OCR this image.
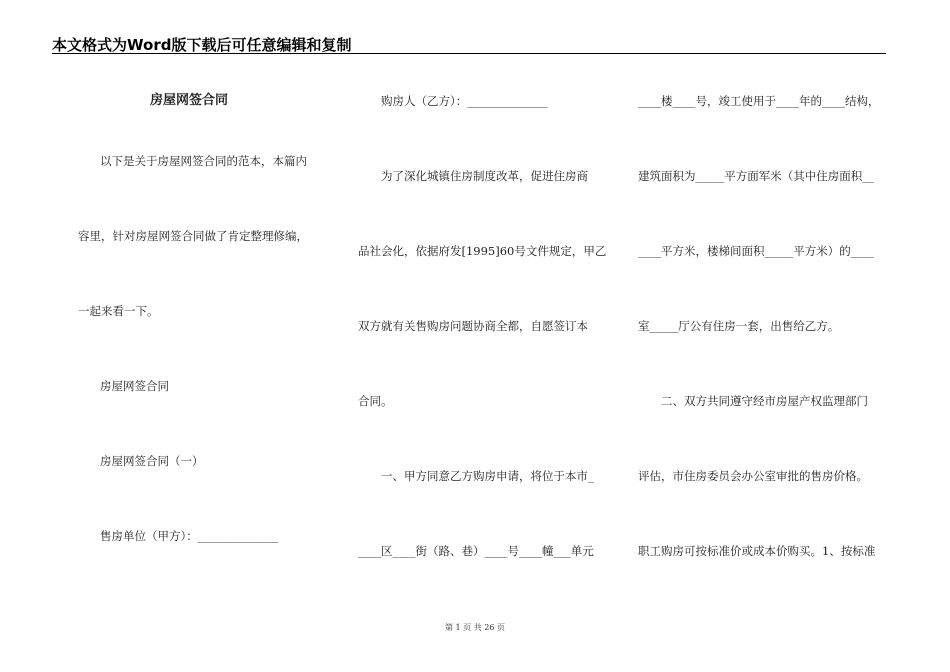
本文格式为Word版下载后可任意编辑和复制
房屋网签合同
以下是关于房屋网签合同的范本，本篇内
容里，针对房屋网签合同做了肯定整理修编，
一起来看一下。
房屋网签合同
房屋网签合同（一）
售房单位（甲方）：______________
购房人（乙方）：______________
为了深化城镇住房制度改革，促进住房商
品社会化，依据府发[1995]60号文件规定，甲乙
双方就有关售购房问题协商全都，自愿签订本
合同。
一、甲方同意乙方购房申请，将位于本市_
____区____街（路、巷）____号____幢___单元
____楼____号，竣工使用于____年的____结构，
建筑面积为_____平方面军米（其中住房面积__
____平方米，楼梯间面积_____平方米）的____
室_____厅公有住房一套，出售给乙方。
二、双方共同遵守经市房屋产权监理部门
评估，市住房委员会办公室审批的售房价格。
职工购房可按标准价或成本价购买。1、按标准
第 1 页 共 26 页
